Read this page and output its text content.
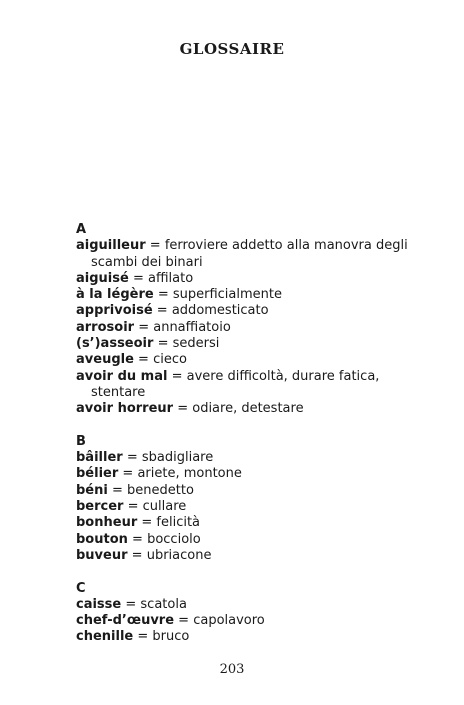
GLOSSAIRE
A
aiguilleur = ferroviere addetto alla manovra degli scambi dei binari
aiguisé = affilato
à la légère = superficialmente
apprivoisé = addomesticato
arrosoir = annaffiatoio
(s’)asseoir = sedersi
aveugle = cieco
avoir du mal = avere difficoltà, durare fatica, stentare
avoir horreur = odiare, detestare
B
bâiller = sbadigliare
bélier = ariete, montone
béni = benedetto
bercer = cullare
bonheur = felicità
bouton = bocciolo
buveur = ubriacone
C
caisse = scatola
chef-d’œuvre = capolavoro
chenille = bruco
203
